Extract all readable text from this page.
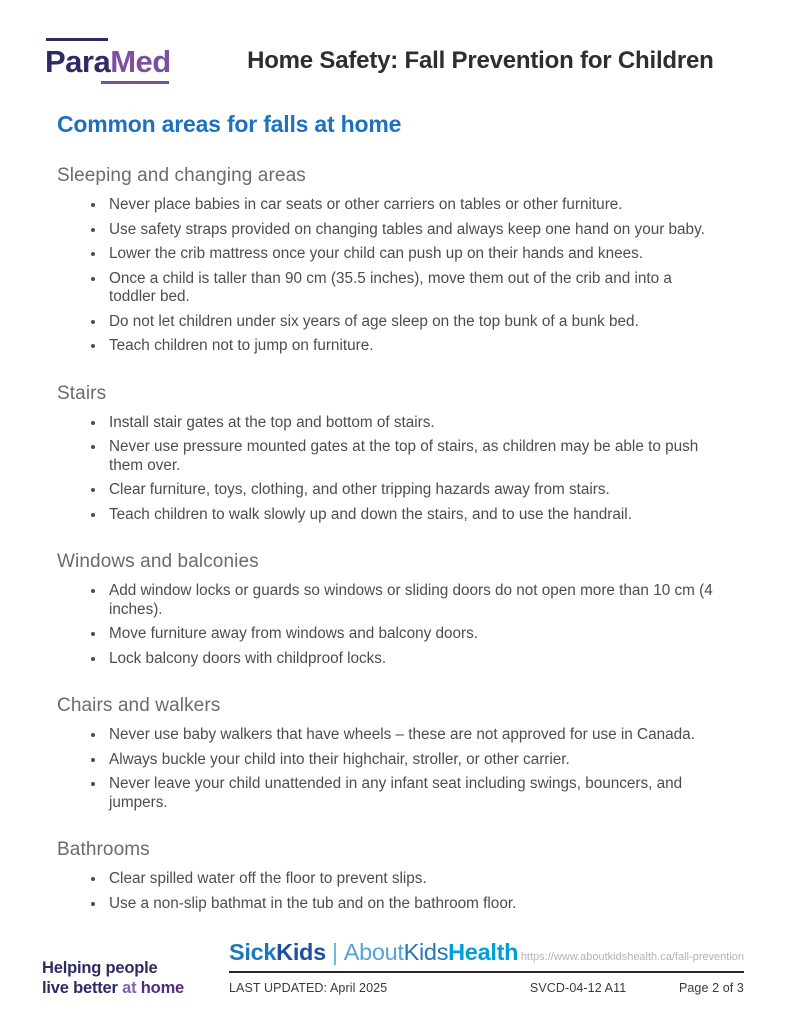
ParaMed	Home Safety: Fall Prevention for Children
Common areas for falls at home
Sleeping and changing areas
• Never place babies in car seats or other carriers on tables or other furniture.
• Use safety straps provided on changing tables and always keep one hand on your baby.
• Lower the crib mattress once your child can push up on their hands and knees.
• Once a child is taller than 90 cm (35.5 inches), move them out of the crib and into a toddler bed.
• Do not let children under six years of age sleep on the top bunk of a bunk bed.
• Teach children not to jump on furniture.
Stairs
• Install stair gates at the top and bottom of stairs.
• Never use pressure mounted gates at the top of stairs, as children may be able to push them over.
• Clear furniture, toys, clothing, and other tripping hazards away from stairs.
• Teach children to walk slowly up and down the stairs, and to use the handrail.
Windows and balconies
• Add window locks or guards so windows or sliding doors do not open more than 10 cm (4 inches).
• Move furniture away from windows and balcony doors.
• Lock balcony doors with childproof locks.
Chairs and walkers
• Never use baby walkers that have wheels – these are not approved for use in Canada.
• Always buckle your child into their highchair, stroller, or other carrier.
• Never leave your child unattended in any infant seat including swings, bouncers, and jumpers.
Bathrooms
• Clear spilled water off the floor to prevent slips.
• Use a non-slip bathmat in the tub and on the bathroom floor.
Helping people
live better at home
SickKids | AboutKidsHealth https://www.aboutkidshealth.ca/fall-prevention
LAST UPDATED: April 2025	SVCD-04-12 A11	Page 2 of 3
